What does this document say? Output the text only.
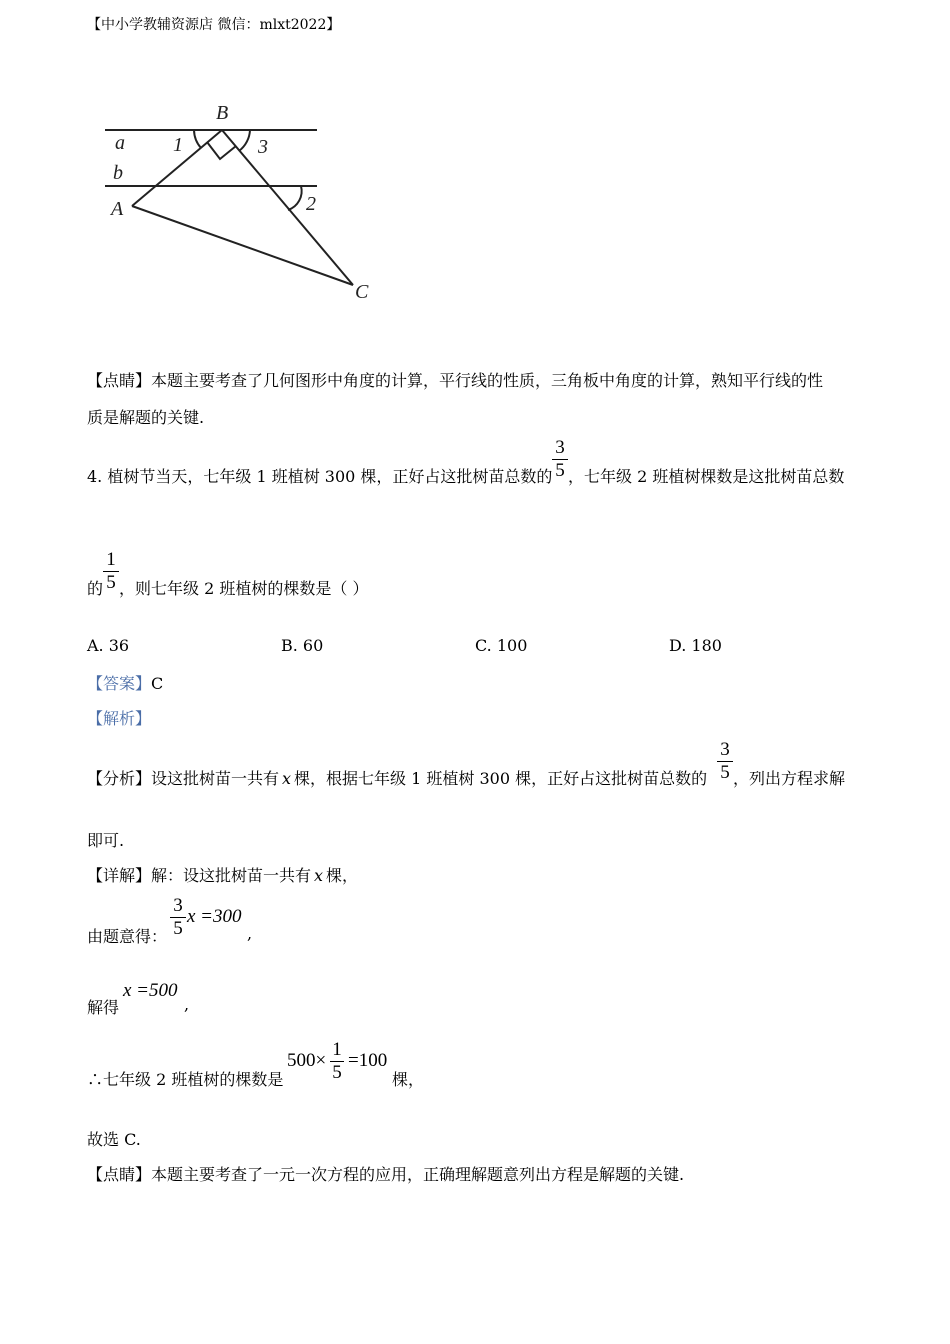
【中小学教辅资源店 微信：mlxt2022】
B
a
b
A
C
1	3
2
【点睛】本题主要考查了几何图形中角度的计算，平行线的性质，三角板中角度的计算，熟知平行线的性
质是解题的关键.
4. 植树节当天，七年级 1 班植树 300 棵，正好占这批树苗总数的
3
5 ，七年级 2 班植树棵数是这批树苗总数
的
1
5 ，则七年级 2 班植树的棵数是（ ）
A. 36	B. 60	C. 100	D. 180
【答案】C
【解析】
【分析】设这批树苗一共有 x 棵，根据七年级 1 班植树 300 棵，正好占这批树苗总数的
3
5 ，列出方程求解
即可.
【详解】解：设这批树苗一共有 x 棵，
由题意得：
3
5
x =300
,
解得
x =500
,
∴七年级 2 班植树的棵数是
500×
1
5
=100
棵，
故选 C.
【点睛】本题主要考查了一元一次方程的应用，正确理解题意列出方程是解题的关键.
